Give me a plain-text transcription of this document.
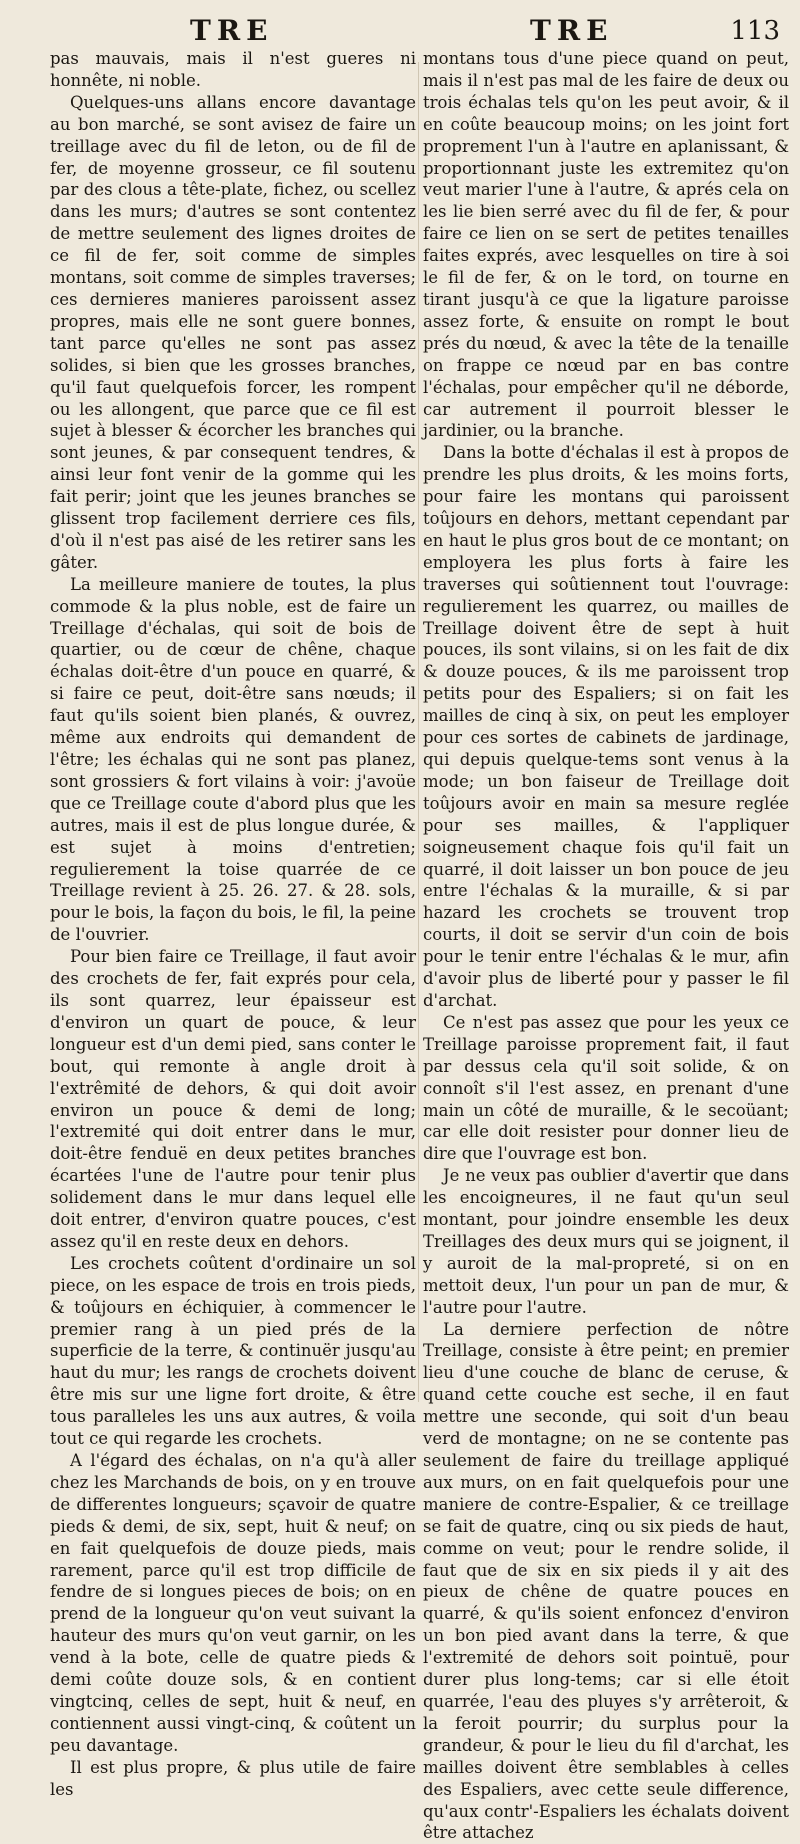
TRE	TRE	113

pas mauvais, mais il n'est gueres ni honnête, ni noble.

Quelques-uns allans encore davantage au bon marché, se sont avisez de faire un treillage avec du fil de leton, ou de fil de fer, de moyenne grosseur, ce fil soutenu par des clous a tête-plate, fichez, ou scellez dans les murs; d'autres se sont contentez de mettre seulement des lignes droites de ce fil de fer, soit comme de simples montans, soit comme de simples traverses; ces dernieres manieres paroissent assez propres, mais elle ne sont guere bonnes, tant parce qu'elles ne sont pas assez solides, si bien que les grosses branches, qu'il faut quelquefois forcer, les rompent ou les allongent, que parce que ce fil est sujet à blesser & écorcher les branches qui sont jeunes, & par consequent tendres, & ainsi leur font venir de la gomme qui les fait perir; joint que les jeunes branches se glissent trop facilement derriere ces fils, d'où il n'est pas aisé de les retirer sans les gâter.

La meilleure maniere de toutes, la plus commode & la plus noble, est de faire un Treillage d'échalas, qui soit de bois de quartier, ou de cœur de chêne, chaque échalas doit-être d'un pouce en quarré, & si faire ce peut, doit-être sans nœuds; il faut qu'ils soient bien planés, & ouvrez, même aux endroits qui demandent de l'être; les échalas qui ne sont pas planez, sont grossiers & fort vilains à voir: j'avoüe que ce Treillage coute d'abord plus que les autres, mais il est de plus longue durée, & est sujet à moins d'entretien; regulierement la toise quarrée de ce Treillage revient à 25. 26. 27. & 28. sols, pour le bois, la façon du bois, le fil, la peine de l'ouvrier.

Pour bien faire ce Treillage, il faut avoir des crochets de fer, fait exprés pour cela, ils sont quarrez, leur épaisseur est d'environ un quart de pouce, & leur longueur est d'un demi pied, sans conter le bout, qui remonte à angle droit à l'extrêmité de dehors, & qui doit avoir environ un pouce & demi de long; l'extremité qui doit entrer dans le mur, doit-être fenduë en deux petites branches écartées l'une de l'autre pour tenir plus solidement dans le mur dans lequel elle doit entrer, d'environ quatre pouces, c'est assez qu'il en reste deux en dehors.

Les crochets coûtent d'ordinaire un sol piece, on les espace de trois en trois pieds, & toûjours en échiquier, à commencer le premier rang à un pied prés de la superficie de la terre, & continuër jusqu'au haut du mur; les rangs de crochets doivent être mis sur une ligne fort droite, & être tous paralleles les uns aux autres, & voila tout ce qui regarde les crochets.

A l'égard des échalas, on n'a qu'à aller chez les Marchands de bois, on y en trouve de differentes longueurs; sçavoir de quatre pieds & demi, de six, sept, huit & neuf; on en fait quelquefois de douze pieds, mais rarement, parce qu'il est trop difficile de fendre de si longues pieces de bois; on en prend de la longueur qu'on veut suivant la hauteur des murs qu'on veut garnir, on les vend à la bote, celle de quatre pieds & demi coûte douze sols, & en contient vingtcinq, celles de sept, huit & neuf, en contiennent aussi vingt-cinq, & coûtent un peu davantage.

Il est plus propre, & plus utile de faire les

montans tous d'une piece quand on peut, mais il n'est pas mal de les faire de deux ou trois échalas tels qu'on les peut avoir, & il en coûte beaucoup moins; on les joint fort proprement l'un à l'autre en aplanissant, & proportionnant juste les extremitez qu'on veut marier l'une à l'autre, & aprés cela on les lie bien serré avec du fil de fer, & pour faire ce lien on se sert de petites tenailles faites exprés, avec lesquelles on tire à soi le fil de fer, & on le tord, on tourne en tirant jusqu'à ce que la ligature paroisse assez forte, & ensuite on rompt le bout prés du nœud, & avec la tête de la tenaille on frappe ce nœud par en bas contre l'échalas, pour empêcher qu'il ne déborde, car autrement il pourroit blesser le jardinier, ou la branche.

Dans la botte d'échalas il est à propos de prendre les plus droits, & les moins forts, pour faire les montans qui paroissent toûjours en dehors, mettant cependant par en haut le plus gros bout de ce montant; on employera les plus forts à faire les traverses qui soûtiennent tout l'ouvrage: regulierement les quarrez, ou mailles de Treillage doivent être de sept à huit pouces, ils sont vilains, si on les fait de dix & douze pouces, & ils me paroissent trop petits pour des Espaliers; si on fait les mailles de cinq à six, on peut les employer pour ces sortes de cabinets de jardinage, qui depuis quelque-tems sont venus à la mode; un bon faiseur de Treillage doit toûjours avoir en main sa mesure reglée pour ses mailles, & l'appliquer soigneusement chaque fois qu'il fait un quarré, il doit laisser un bon pouce de jeu entre l'échalas & la muraille, & si par hazard les crochets se trouvent trop courts, il doit se servir d'un coin de bois pour le tenir entre l'échalas & le mur, afin d'avoir plus de liberté pour y passer le fil d'archat.

Ce n'est pas assez que pour les yeux ce Treillage paroisse proprement fait, il faut par dessus cela qu'il soit solide, & on connoît s'il l'est assez, en prenant d'une main un côté de muraille, & le secoüant; car elle doit resister pour donner lieu de dire que l'ouvrage est bon.

Je ne veux pas oublier d'avertir que dans les encoigneures, il ne faut qu'un seul montant, pour joindre ensemble les deux Treillages des deux murs qui se joignent, il y auroit de la mal-propreté, si on en mettoit deux, l'un pour un pan de mur, & l'autre pour l'autre.

La derniere perfection de nôtre Treillage, consiste à être peint; en premier lieu d'une couche de blanc de ceruse, & quand cette couche est seche, il en faut mettre une seconde, qui soit d'un beau verd de montagne; on ne se contente pas seulement de faire du treillage appliqué aux murs, on en fait quelquefois pour une maniere de contre-Espalier, & ce treillage se fait de quatre, cinq ou six pieds de haut, comme on veut; pour le rendre solide, il faut que de six en six pieds il y ait des pieux de chêne de quatre pouces en quarré, & qu'ils soient enfoncez d'environ un bon pied avant dans la terre, & que l'extremité de dehors soit pointuë, pour durer plus long-tems; car si elle étoit quarrée, l'eau des pluyes s'y arrêteroit, & la feroit pourrir; du surplus pour la grandeur, & pour le lieu du fil d'archat, les mailles doivent être semblables à celles des Espaliers, avec cette seule difference, qu'aux contr'-Espaliers les échalats doivent être attachez
